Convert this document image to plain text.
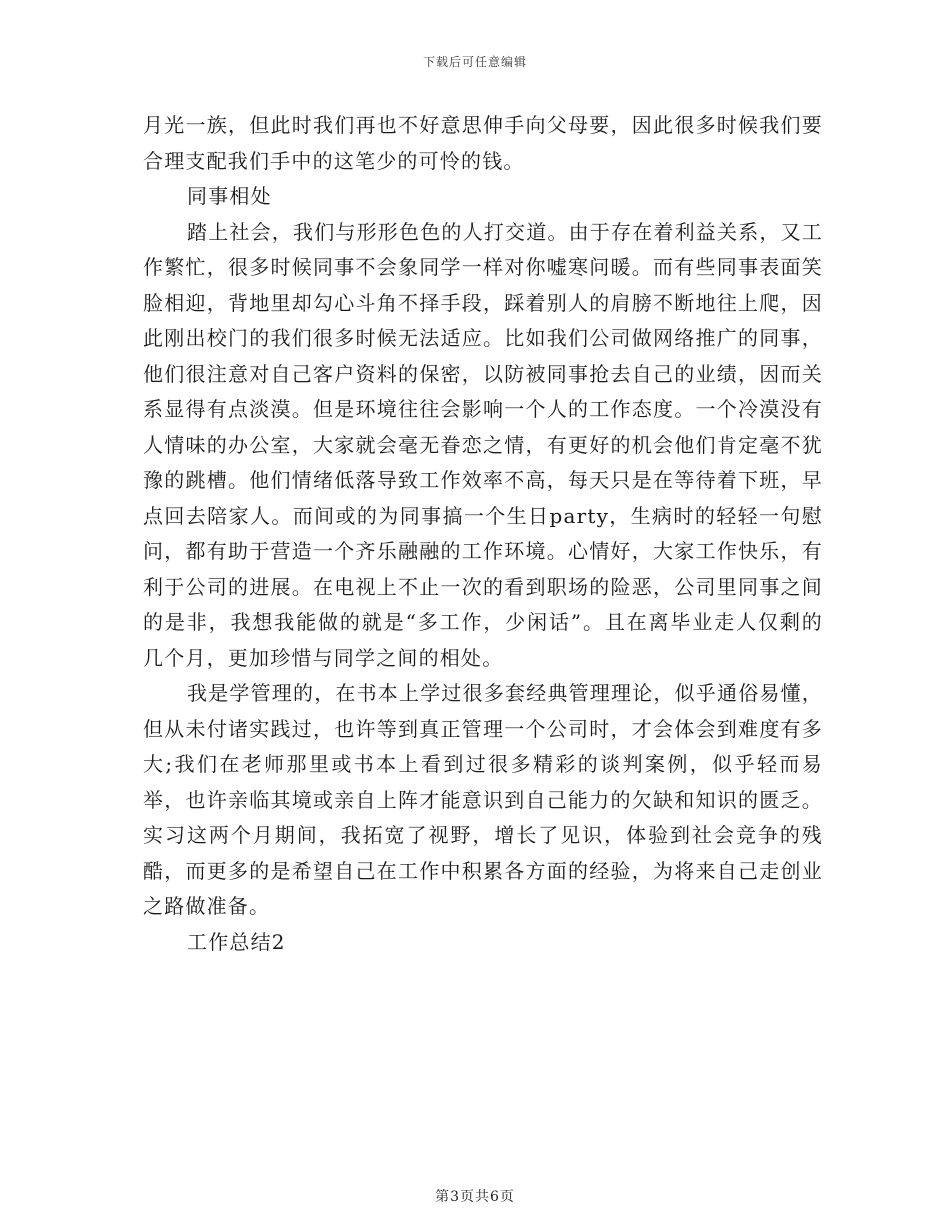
下载后可任意编辑

月光一族，但此时我们再也不好意思伸手向父母要，因此很多时候我们要合理支配我们手中的这笔少的可怜的钱。

同事相处

踏上社会，我们与形形色色的人打交道。由于存在着利益关系，又工作繁忙，很多时候同事不会象同学一样对你嘘寒问暖。而有些同事表面笑脸相迎，背地里却勾心斗角不择手段，踩着别人的肩膀不断地往上爬，因此刚出校门的我们很多时候无法适应。比如我们公司做网络推广的同事，他们很注意对自己客户资料的保密，以防被同事抢去自己的业绩，因而关系显得有点淡漠。但是环境往往会影响一个人的工作态度。一个冷漠没有人情味的办公室，大家就会毫无眷恋之情，有更好的机会他们肯定毫不犹豫的跳槽。他们情绪低落导致工作效率不高，每天只是在等待着下班，早点回去陪家人。而间或的为同事搞一个生日party，生病时的轻轻一句慰问，都有助于营造一个齐乐融融的工作环境。心情好，大家工作快乐，有利于公司的进展。在电视上不止一次的看到职场的险恶，公司里同事之间的是非，我想我能做的就是“多工作，少闲话”。且在离毕业走人仅剩的几个月，更加珍惜与同学之间的相处。

我是学管理的，在书本上学过很多套经典管理理论，似乎通俗易懂，但从未付诸实践过，也许等到真正管理一个公司时，才会体会到难度有多大;我们在老师那里或书本上看到过很多精彩的谈判案例，似乎轻而易举，也许亲临其境或亲自上阵才能意识到自己能力的欠缺和知识的匮乏。实习这两个月期间，我拓宽了视野，增长了见识，体验到社会竞争的残酷，而更多的是希望自己在工作中积累各方面的经验，为将来自己走创业之路做准备。

工作总结2

第3页共6页
